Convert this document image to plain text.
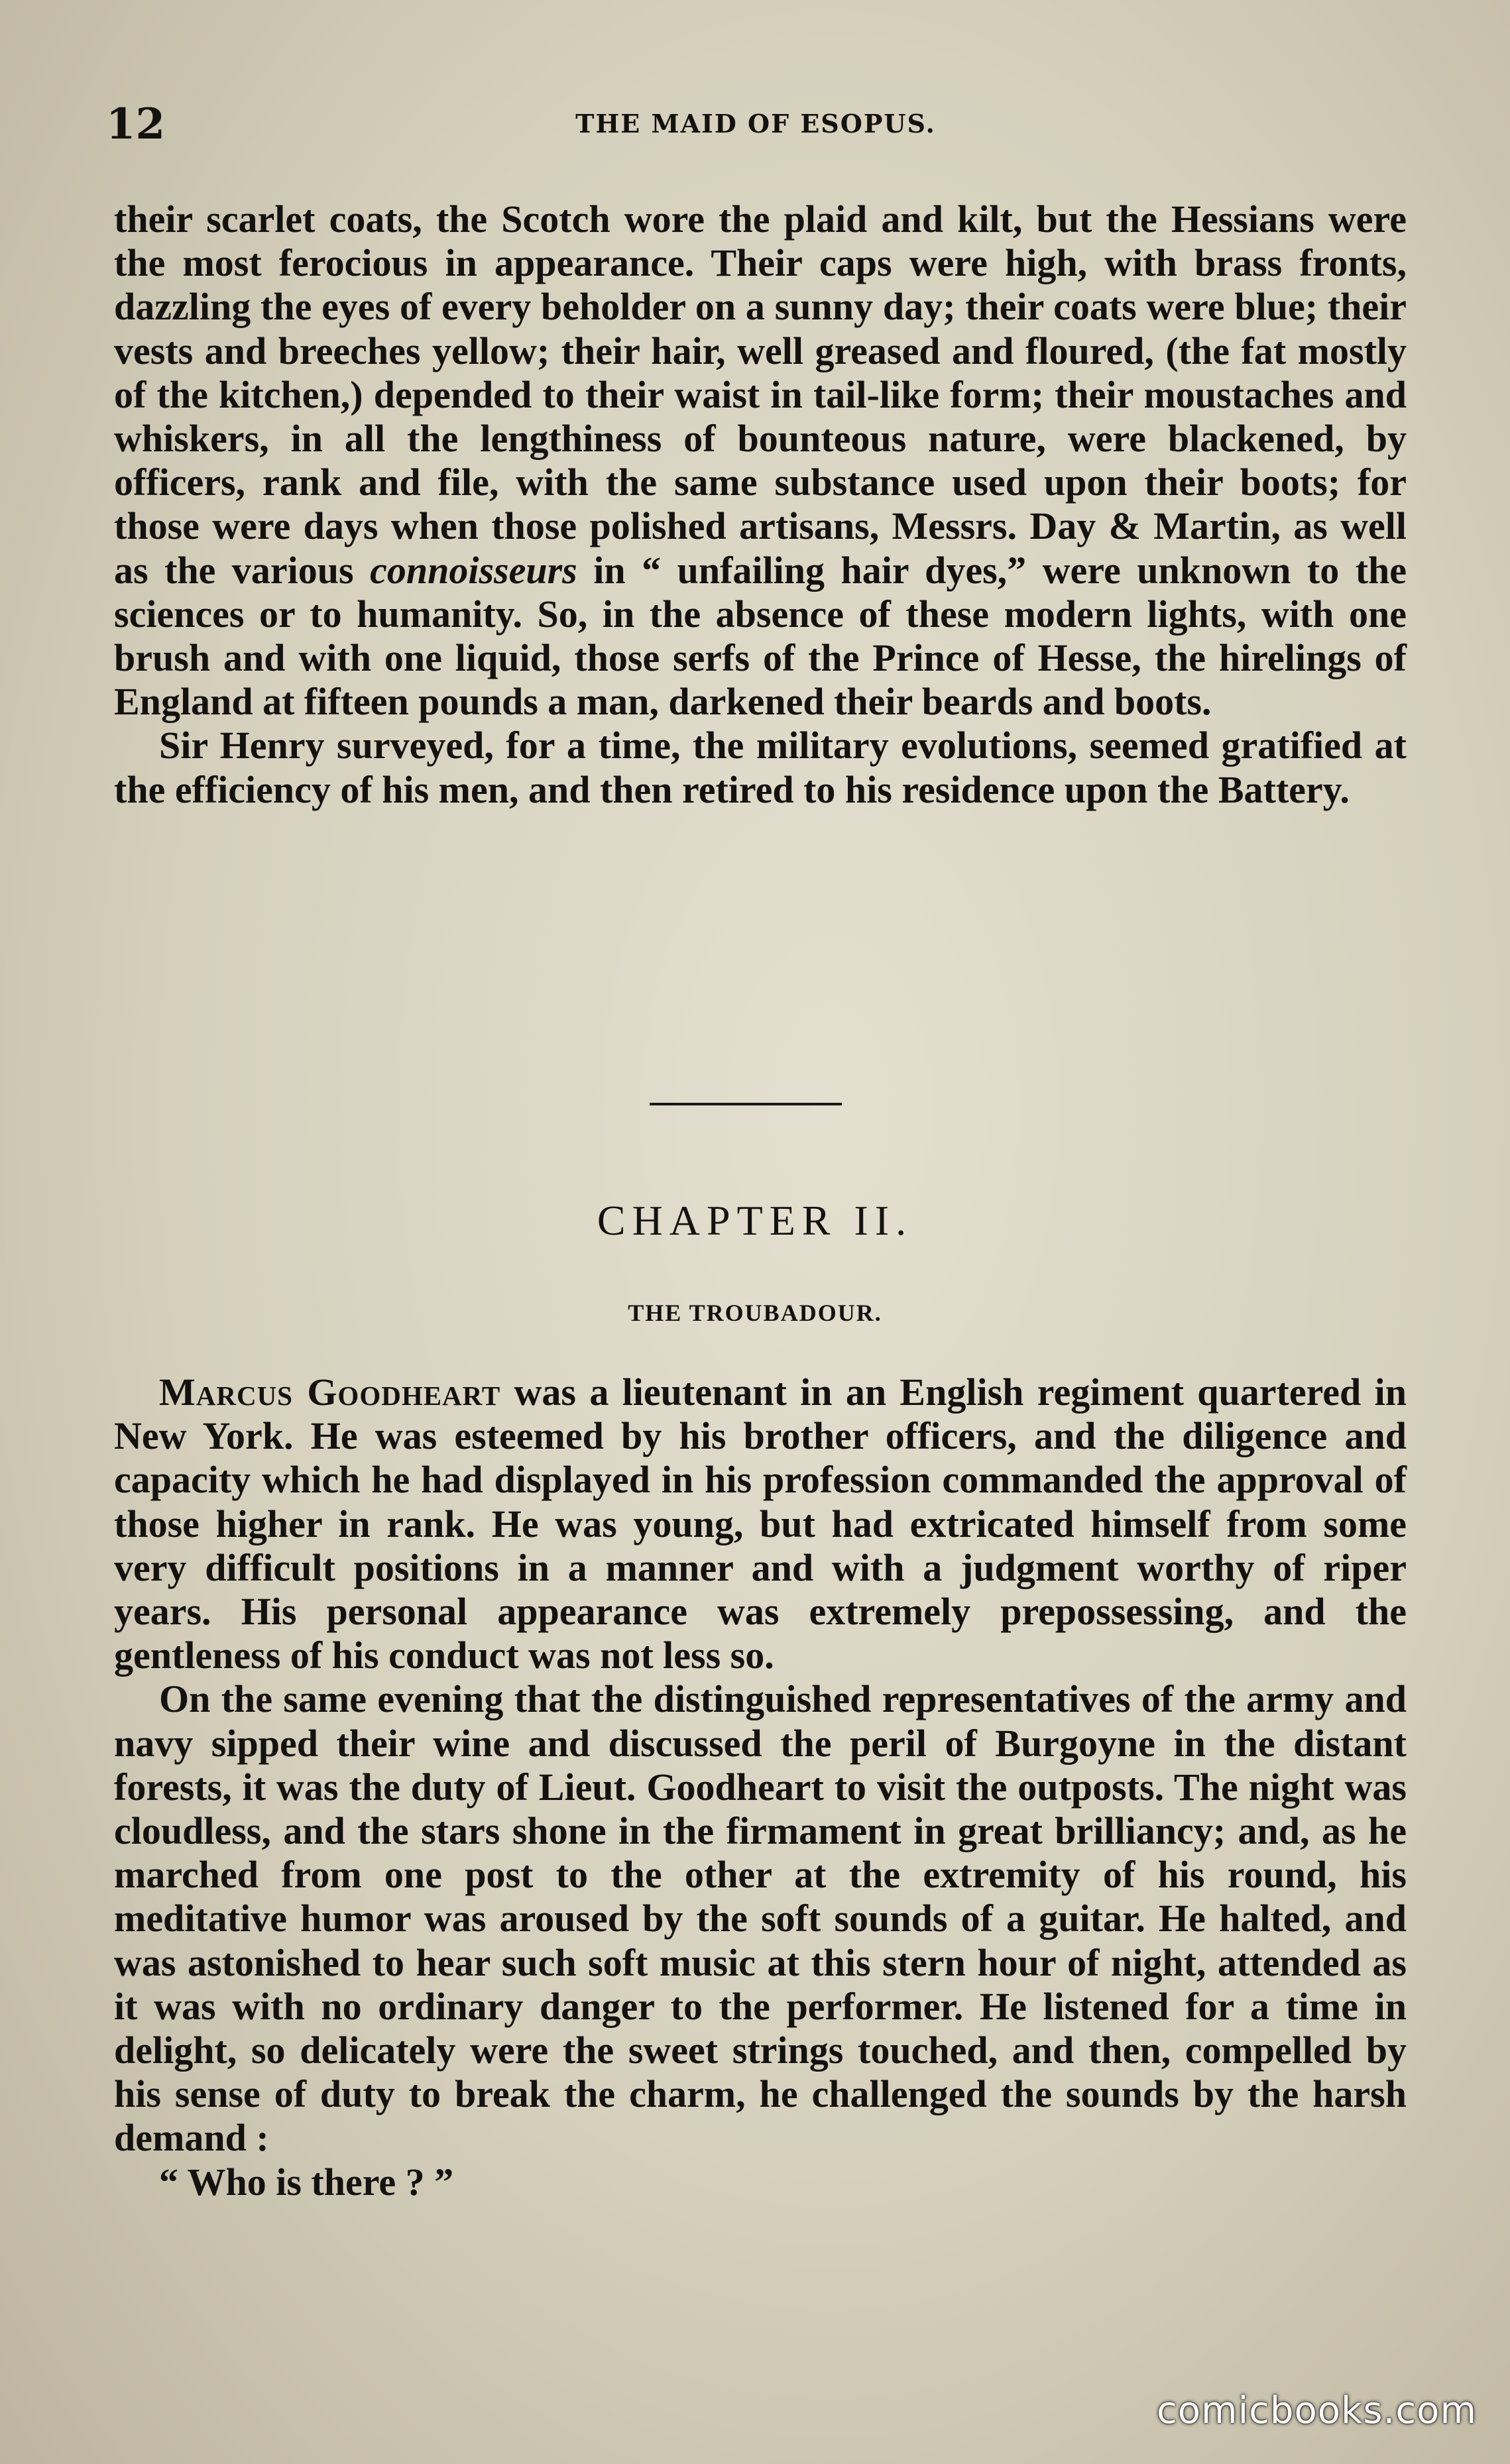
12	THE MAID OF ESOPUS.

their scarlet coats, the Scotch wore the plaid and kilt, but the Hessians were the most ferocious in appearance. Their caps were high, with brass fronts, dazzling the eyes of every beholder on a sunny day; their coats were blue; their vests and breeches yellow; their hair, well greased and floured, (the fat mostly of the kitchen,) depended to their waist in tail-like form; their moustaches and whiskers, in all the lengthiness of bounteous nature, were blackened, by officers, rank and file, with the same substance used upon their boots; for those were days when those polished artisans, Messrs. Day & Martin, as well as the various connoisseurs in “ unfailing hair dyes,” were unknown to the sciences or to humanity. So, in the absence of these modern lights, with one brush and with one liquid, those serfs of the Prince of Hesse, the hirelings of England at fifteen pounds a man, darkened their beards and boots.

Sir Henry surveyed, for a time, the military evolutions, seemed gratified at the efficiency of his men, and then retired to his residence upon the Battery.

CHAPTER II.
THE TROUBADOUR.

Marcus Goodheart was a lieutenant in an English regiment quartered in New York. He was esteemed by his brother officers, and the diligence and capacity which he had displayed in his profession commanded the approval of those higher in rank. He was young, but had extricated himself from some very difficult positions in a manner and with a judgment worthy of riper years. His personal appearance was extremely prepossessing, and the gentleness of his conduct was not less so.

On the same evening that the distinguished representatives of the army and navy sipped their wine and discussed the peril of Burgoyne in the distant forests, it was the duty of Lieut. Goodheart to visit the outposts. The night was cloudless, and the stars shone in the firmament in great brilliancy; and, as he marched from one post to the other at the extremity of his round, his meditative humor was aroused by the soft sounds of a guitar. He halted, and was astonished to hear such soft music at this stern hour of night, attended as it was with no ordinary danger to the performer. He listened for a time in delight, so delicately were the sweet strings touched, and then, compelled by his sense of duty to break the charm, he challenged the sounds by the harsh demand :

“ Who is there ? ”

comicbooks.com
